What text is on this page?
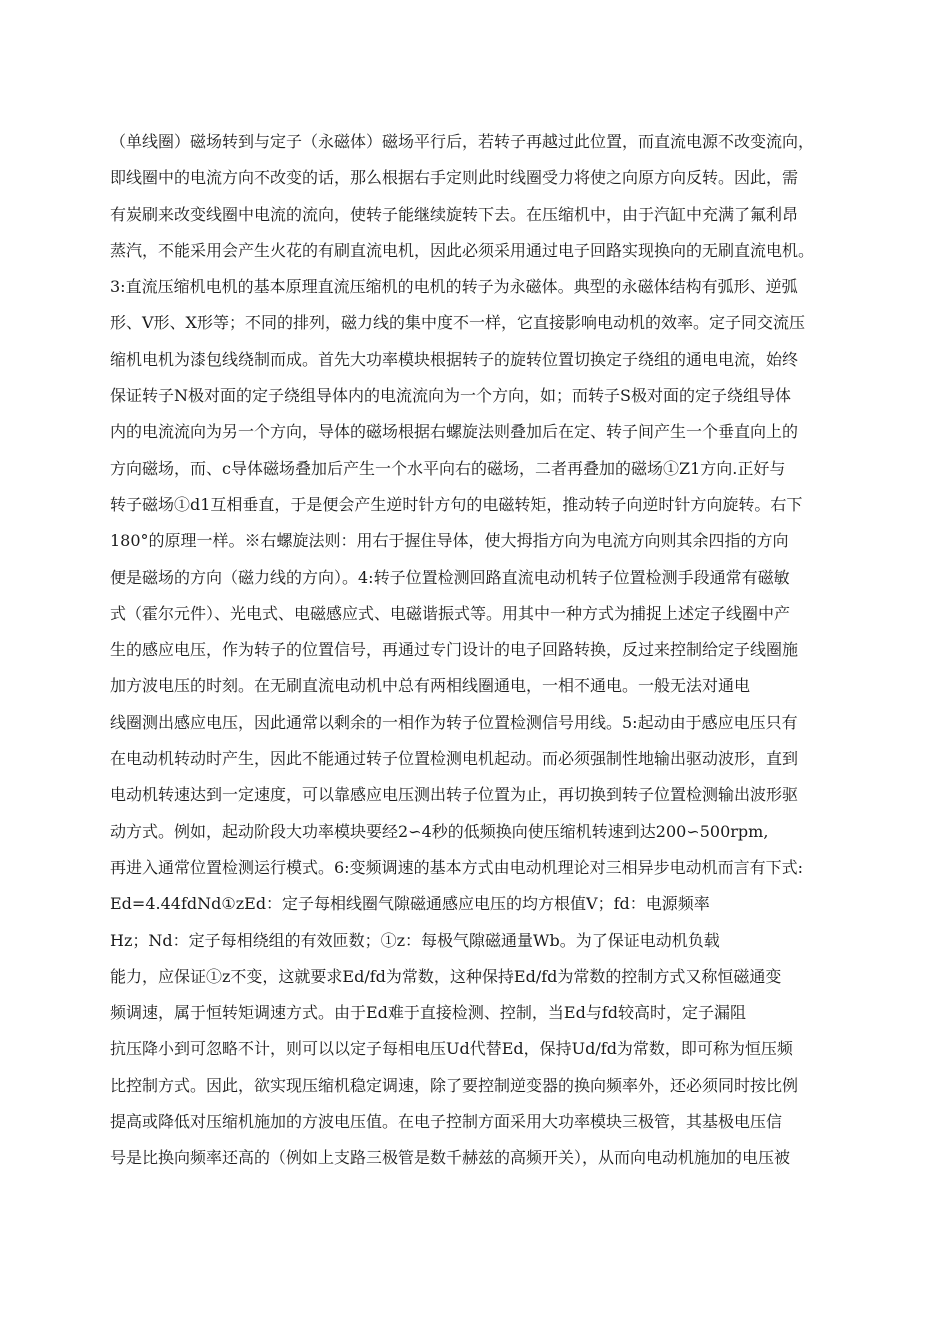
（单线圈）磁场转到与定子（永磁体）磁场平行后，若转子再越过此位置，而直流电源不改变流向，
即线圈中的电流方向不改变的话，那么根据右手定则此时线圈受力将使之向原方向反转。因此，需
有炭刷来改变线圈中电流的流向，使转子能继续旋转下去。在压缩机中，由于汽缸中充满了氟利昂
蒸汽，不能采用会产生火花的有刷直流电机，因此必须采用通过电子回路实现换向的无刷直流电机。
3:直流压缩机电机的基本原理直流压缩机的电机的转子为永磁体。典型的永磁体结构有弧形、逆弧
形、V形、X形等；不同的排列，磁力线的集中度不一样，它直接影响电动机的效率。定子同交流压
缩机电机为漆包线绕制而成。首先大功率模块根据转子的旋转位置切换定子绕组的通电电流，始终
保证转子N极对面的定子绕组导体内的电流流向为一个方向，如；而转子S极对面的定子绕组导体
内的电流流向为另一个方向，导体的磁场根据右螺旋法则叠加后在定、转子间产生一个垂直向上的
方向磁场，而、c导体磁场叠加后产生一个水平向右的磁场，二者再叠加的磁场①Z1方向.正好与
转子磁场①d1互相垂直，于是便会产生逆时针方句的电磁转矩，推动转子向逆时针方向旋转。右下
180°的原理一样。※右螺旋法则：用右于握住导体，使大拇指方向为电流方向则其余四指的方向
便是磁场的方向（磁力线的方向）。4:转子位置检测回路直流电动机转子位置检测手段通常有磁敏
式（霍尔元件）、光电式、电磁感应式、电磁谐振式等。用其中一种方式为捕捉上述定子线圈中产
生的感应电压，作为转子的位置信号，再通过专门设计的电子回路转换，反过来控制给定子线圈施
加方波电压的时刻。在无刷直流电动机中总有两相线圈通电，一相不通电。一般无法对通电
线圈测出感应电压，因此通常以剩余的一相作为转子位置检测信号用线。5:起动由于感应电压只有
在电动机转动时产生，因此不能通过转子位置检测电机起动。而必须强制性地输出驱动波形，直到
电动机转速达到一定速度，可以靠感应电压测出转子位置为止，再切换到转子位置检测输出波形驱
动方式。例如，起动阶段大功率模块要经2∽4秒的低频换向使压缩机转速到达200∽500rpm,
再进入通常位置检测运行模式。6:变频调速的基本方式由电动机理论对三相异步电动机而言有下式:
Ed=4.44fdNd①zEd：定子每相线圈气隙磁通感应电压的均方根值V；fd：电源频率
Hz；Nd：定子每相绕组的有效匝数；①z：每极气隙磁通量Wb。为了保证电动机负载
能力，应保证①z不变，这就要求Ed/fd为常数，这种保持Ed/fd为常数的控制方式又称恒磁通变
频调速，属于恒转矩调速方式。由于Ed难于直接检测、控制，当Ed与fd较高时，定子漏阻
抗压降小到可忽略不计，则可以以定子每相电压Ud代替Ed，保持Ud/fd为常数，即可称为恒压频
比控制方式。因此，欲实现压缩机稳定调速，除了要控制逆变器的换向频率外，还必须同时按比例
提高或降低对压缩机施加的方波电压值。在电子控制方面采用大功率模块三极管，其基极电压信
号是比换向频率还高的（例如上支路三极管是数千赫兹的高频开关），从而向电动机施加的电压被
